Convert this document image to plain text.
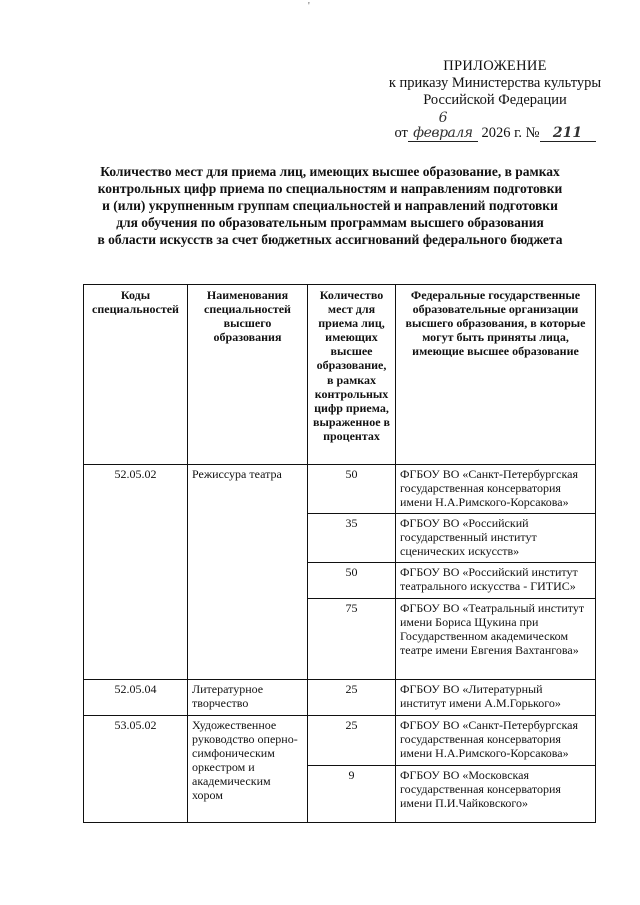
'
ПРИЛОЖЕНИЕ
к приказу Министерства культуры
Российской Федерации
от6 февраля 2026 г. № 211
Количество мест для приема лиц, имеющих высшее образование, в рамках
контрольных цифр приема по специальностям и направлениям подготовки
и (или) укрупненным группам специальностей и направлений подготовки
для обучения по образовательным программам высшего образования
в области искусств за счет бюджетных ассигнований федерального бюджета
Коды специальностей	Наименования специальностей высшего образования	Количество мест для приема лиц, имеющих высшее образование, в рамках контрольных цифр приема, выраженное в процентах	Федеральные государственные образовательные организации высшего образования, в которые могут быть приняты лица, имеющие высшее образование
52.05.02	Режиссура театра	50	ФГБОУ ВО «Санкт-Петербургская государственная консерватория имени Н.А.Римского-Корсакова»
		35	ФГБОУ ВО «Российский государственный институт сценических искусств»
		50	ФГБОУ ВО «Российский институт театрального искусства - ГИТИС»
		75	ФГБОУ ВО «Театральный институт имени Бориса Щукина при Государственном академическом театре имени Евгения Вахтангова»
52.05.04	Литературное творчество	25	ФГБОУ ВО «Литературный институт имени А.М.Горького»
53.05.02	Художественное руководство оперно-симфоническим оркестром и академическим хором	25	ФГБОУ ВО «Санкт-Петербургская государственная консерватория имени Н.А.Римского-Корсакова»
		9	ФГБОУ ВО «Московская государственная консерватория имени П.И.Чайковского»
